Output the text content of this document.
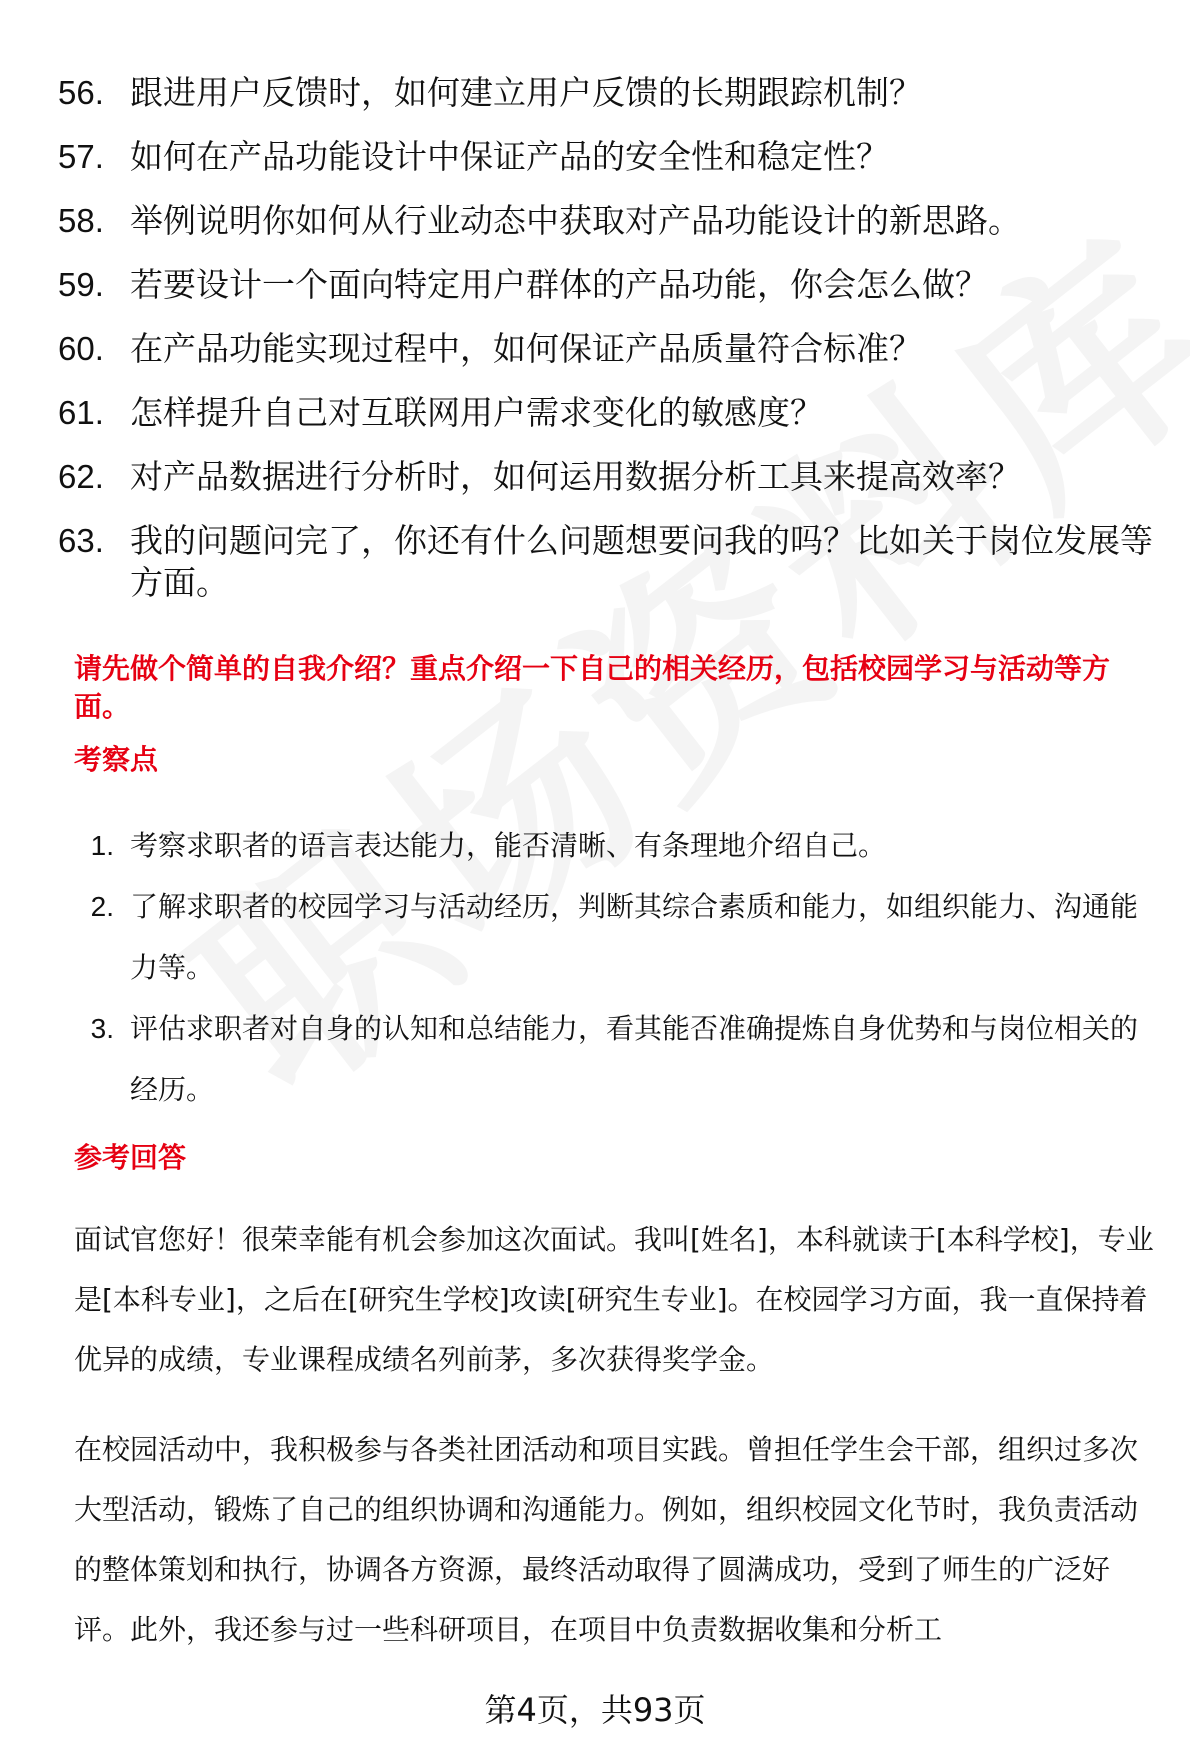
56. 跟进用户反馈时，如何建立用户反馈的长期跟踪机制？
57. 如何在产品功能设计中保证产品的安全性和稳定性？
58. 举例说明你如何从行业动态中获取对产品功能设计的新思路。
59. 若要设计一个面向特定用户群体的产品功能，你会怎么做？
60. 在产品功能实现过程中，如何保证产品质量符合标准？
61. 怎样提升自己对互联网用户需求变化的敏感度？
62. 对产品数据进行分析时，如何运用数据分析工具来提高效率？
63. 我的问题问完了，你还有什么问题想要问我的吗？比如关于岗位发展等方面。
请先做个简单的自我介绍？重点介绍一下自己的相关经历，包括校园学习与活动等方面。
考察点
1. 考察求职者的语言表达能力，能否清晰、有条理地介绍自己。
2. 了解求职者的校园学习与活动经历，判断其综合素质和能力，如组织能力、沟通能力等。
3. 评估求职者对自身的认知和总结能力，看其能否准确提炼自身优势和与岗位相关的经历。
参考回答
面试官您好！很荣幸能有机会参加这次面试。我叫[姓名]，本科就读于[本科学校]，专业是[本科专业]，之后在[研究生学校]攻读[研究生专业]。在校园学习方面，我一直保持着优异的成绩，专业课程成绩名列前茅，多次获得奖学金。
在校园活动中，我积极参与各类社团活动和项目实践。曾担任学生会干部，组织过多次大型活动，锻炼了自己的组织协调和沟通能力。例如，组织校园文化节时，我负责活动的整体策划和执行，协调各方资源，最终活动取得了圆满成功，受到了师生的广泛好评。此外，我还参与过一些科研项目，在项目中负责数据收集和分析工
第4页，共93页
